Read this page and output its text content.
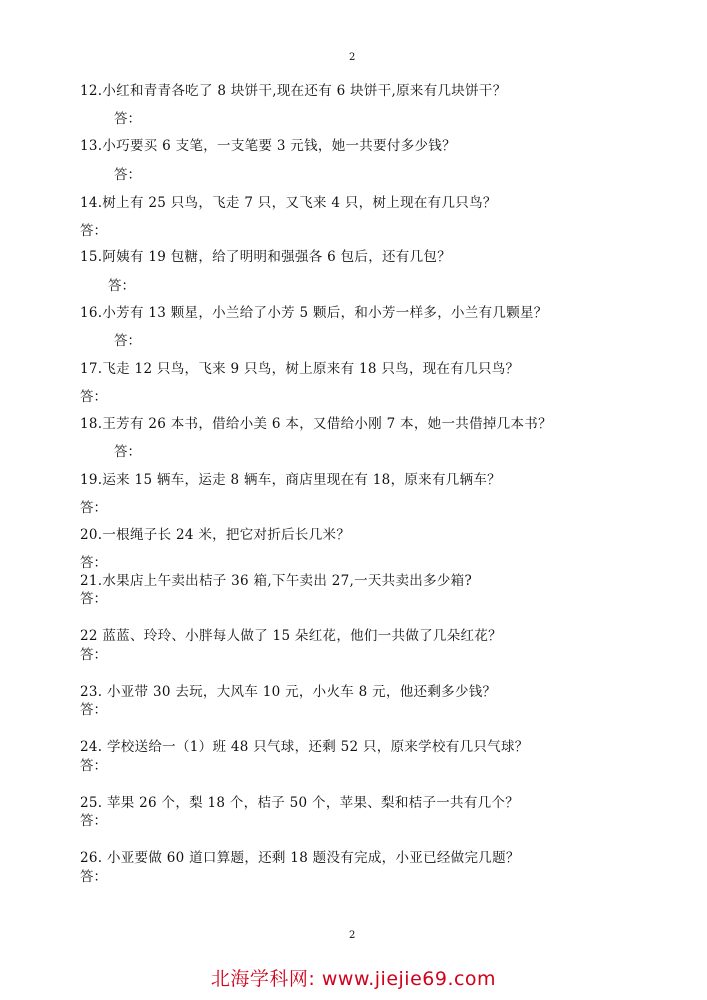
2
12.小红和青青各吃了 8 块饼干,现在还有 6 块饼干,原来有几块饼干？
答：
13.小巧要买 6 支笔，一支笔要 3 元钱，她一共要付多少钱？
答：
14.树上有 25 只鸟，飞走 7 只，又飞来 4 只，树上现在有几只鸟？
答：
15.阿姨有 19 包糖，给了明明和强强各 6 包后，还有几包？
答：
16.小芳有 13 颗星，小兰给了小芳 5 颗后，和小芳一样多，小兰有几颗星？
答：
17.飞走 12 只鸟，飞来 9 只鸟，树上原来有 18 只鸟，现在有几只鸟？
答：
18.王芳有 26 本书，借给小美 6 本，又借给小刚 7 本，她一共借掉几本书？
答：
19.运来 15 辆车，运走 8 辆车，商店里现在有 18，原来有几辆车？
答：
20.一根绳子长 24 米，把它对折后长几米？
答：
21.水果店上午卖出桔子 36 箱,下午卖出 27,一天共卖出多少箱?
答：
22 蓝蓝、玲玲、小胖每人做了 15 朵红花，他们一共做了几朵红花？
答：
23. 小亚带 30 去玩，大风车 10 元，小火车 8 元，他还剩多少钱？
答：
24. 学校送给一（1）班 48 只气球，还剩 52 只，原来学校有几只气球？
答：
25. 苹果 26 个，梨 18 个，桔子 50 个，苹果、梨和桔子一共有几个？
答：
26. 小亚要做 60 道口算题，还剩 18 题没有完成，小亚已经做完几题？
答：
2
北海学科网: www.jiejie69.com
